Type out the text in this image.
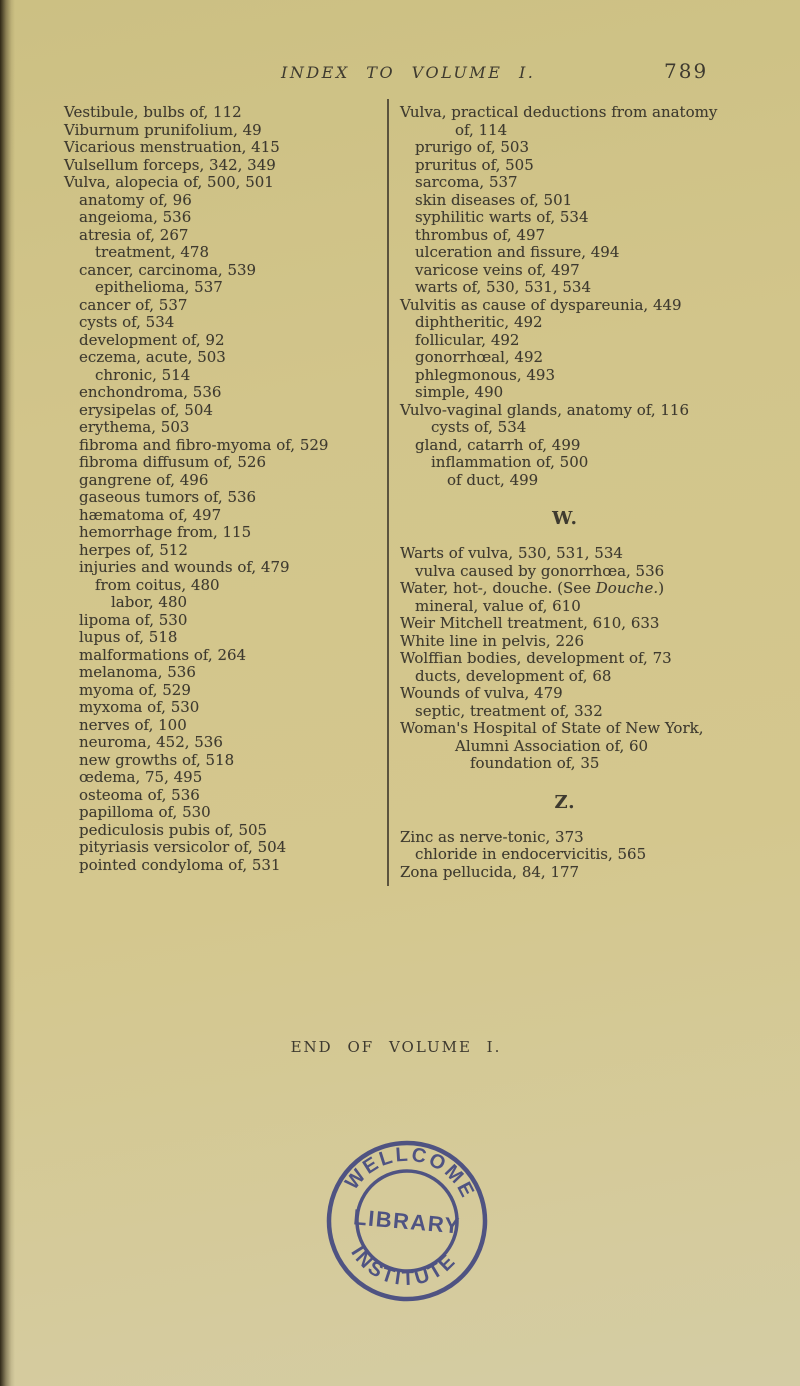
INDEX TO VOLUME I.	789
Vestibule, bulbs of, 112
Viburnum prunifolium, 49
Vicarious menstruation, 415
Vulsellum forceps, 342, 349
Vulva, alopecia of, 500, 501
anatomy of, 96
angeioma, 536
atresia of, 267
treatment, 478
cancer, carcinoma, 539
epithelioma, 537
cancer of, 537
cysts of, 534
development of, 92
eczema, acute, 503
chronic, 514
enchondroma, 536
erysipelas of, 504
erythema, 503
fibroma and fibro-myoma of, 529
fibroma diffusum of, 526
gangrene of, 496
gaseous tumors of, 536
hæmatoma of, 497
hemorrhage from, 115
herpes of, 512
injuries and wounds of, 479
from coitus, 480
labor, 480
lipoma of, 530
lupus of, 518
malformations of, 264
melanoma, 536
myoma of, 529
myxoma of, 530
nerves of, 100
neuroma, 452, 536
new growths of, 518
œdema, 75, 495
osteoma of, 536
papilloma of, 530
pediculosis pubis of, 505
pityriasis versicolor of, 504
pointed condyloma of, 531
Vulva, practical deductions from anatomy
of, 114
prurigo of, 503
pruritus of, 505
sarcoma, 537
skin diseases of, 501
syphilitic warts of, 534
thrombus of, 497
ulceration and fissure, 494
varicose veins of, 497
warts of, 530, 531, 534
Vulvitis as cause of dyspareunia, 449
diphtheritic, 492
follicular, 492
gonorrhœal, 492
phlegmonous, 493
simple, 490
Vulvo-vaginal glands, anatomy of, 116
cysts of, 534
gland, catarrh of, 499
inflammation of, 500
of duct, 499
W.
Warts of vulva, 530, 531, 534
vulva caused by gonorrhœa, 536
Water, hot-, douche. (See Douche.)
mineral, value of, 610
Weir Mitchell treatment, 610, 633
White line in pelvis, 226
Wolffian bodies, development of, 73
ducts, development of, 68
Wounds of vulva, 479
septic, treatment of, 332
Woman's Hospital of State of New York,
Alumni Association of, 60
foundation of, 35
Z.
Zinc as nerve-tonic, 373
chloride in endocervicitis, 565
Zona pellucida, 84, 177
END OF VOLUME I.
WELLCOME
LIBRARY
INSTITUTE
